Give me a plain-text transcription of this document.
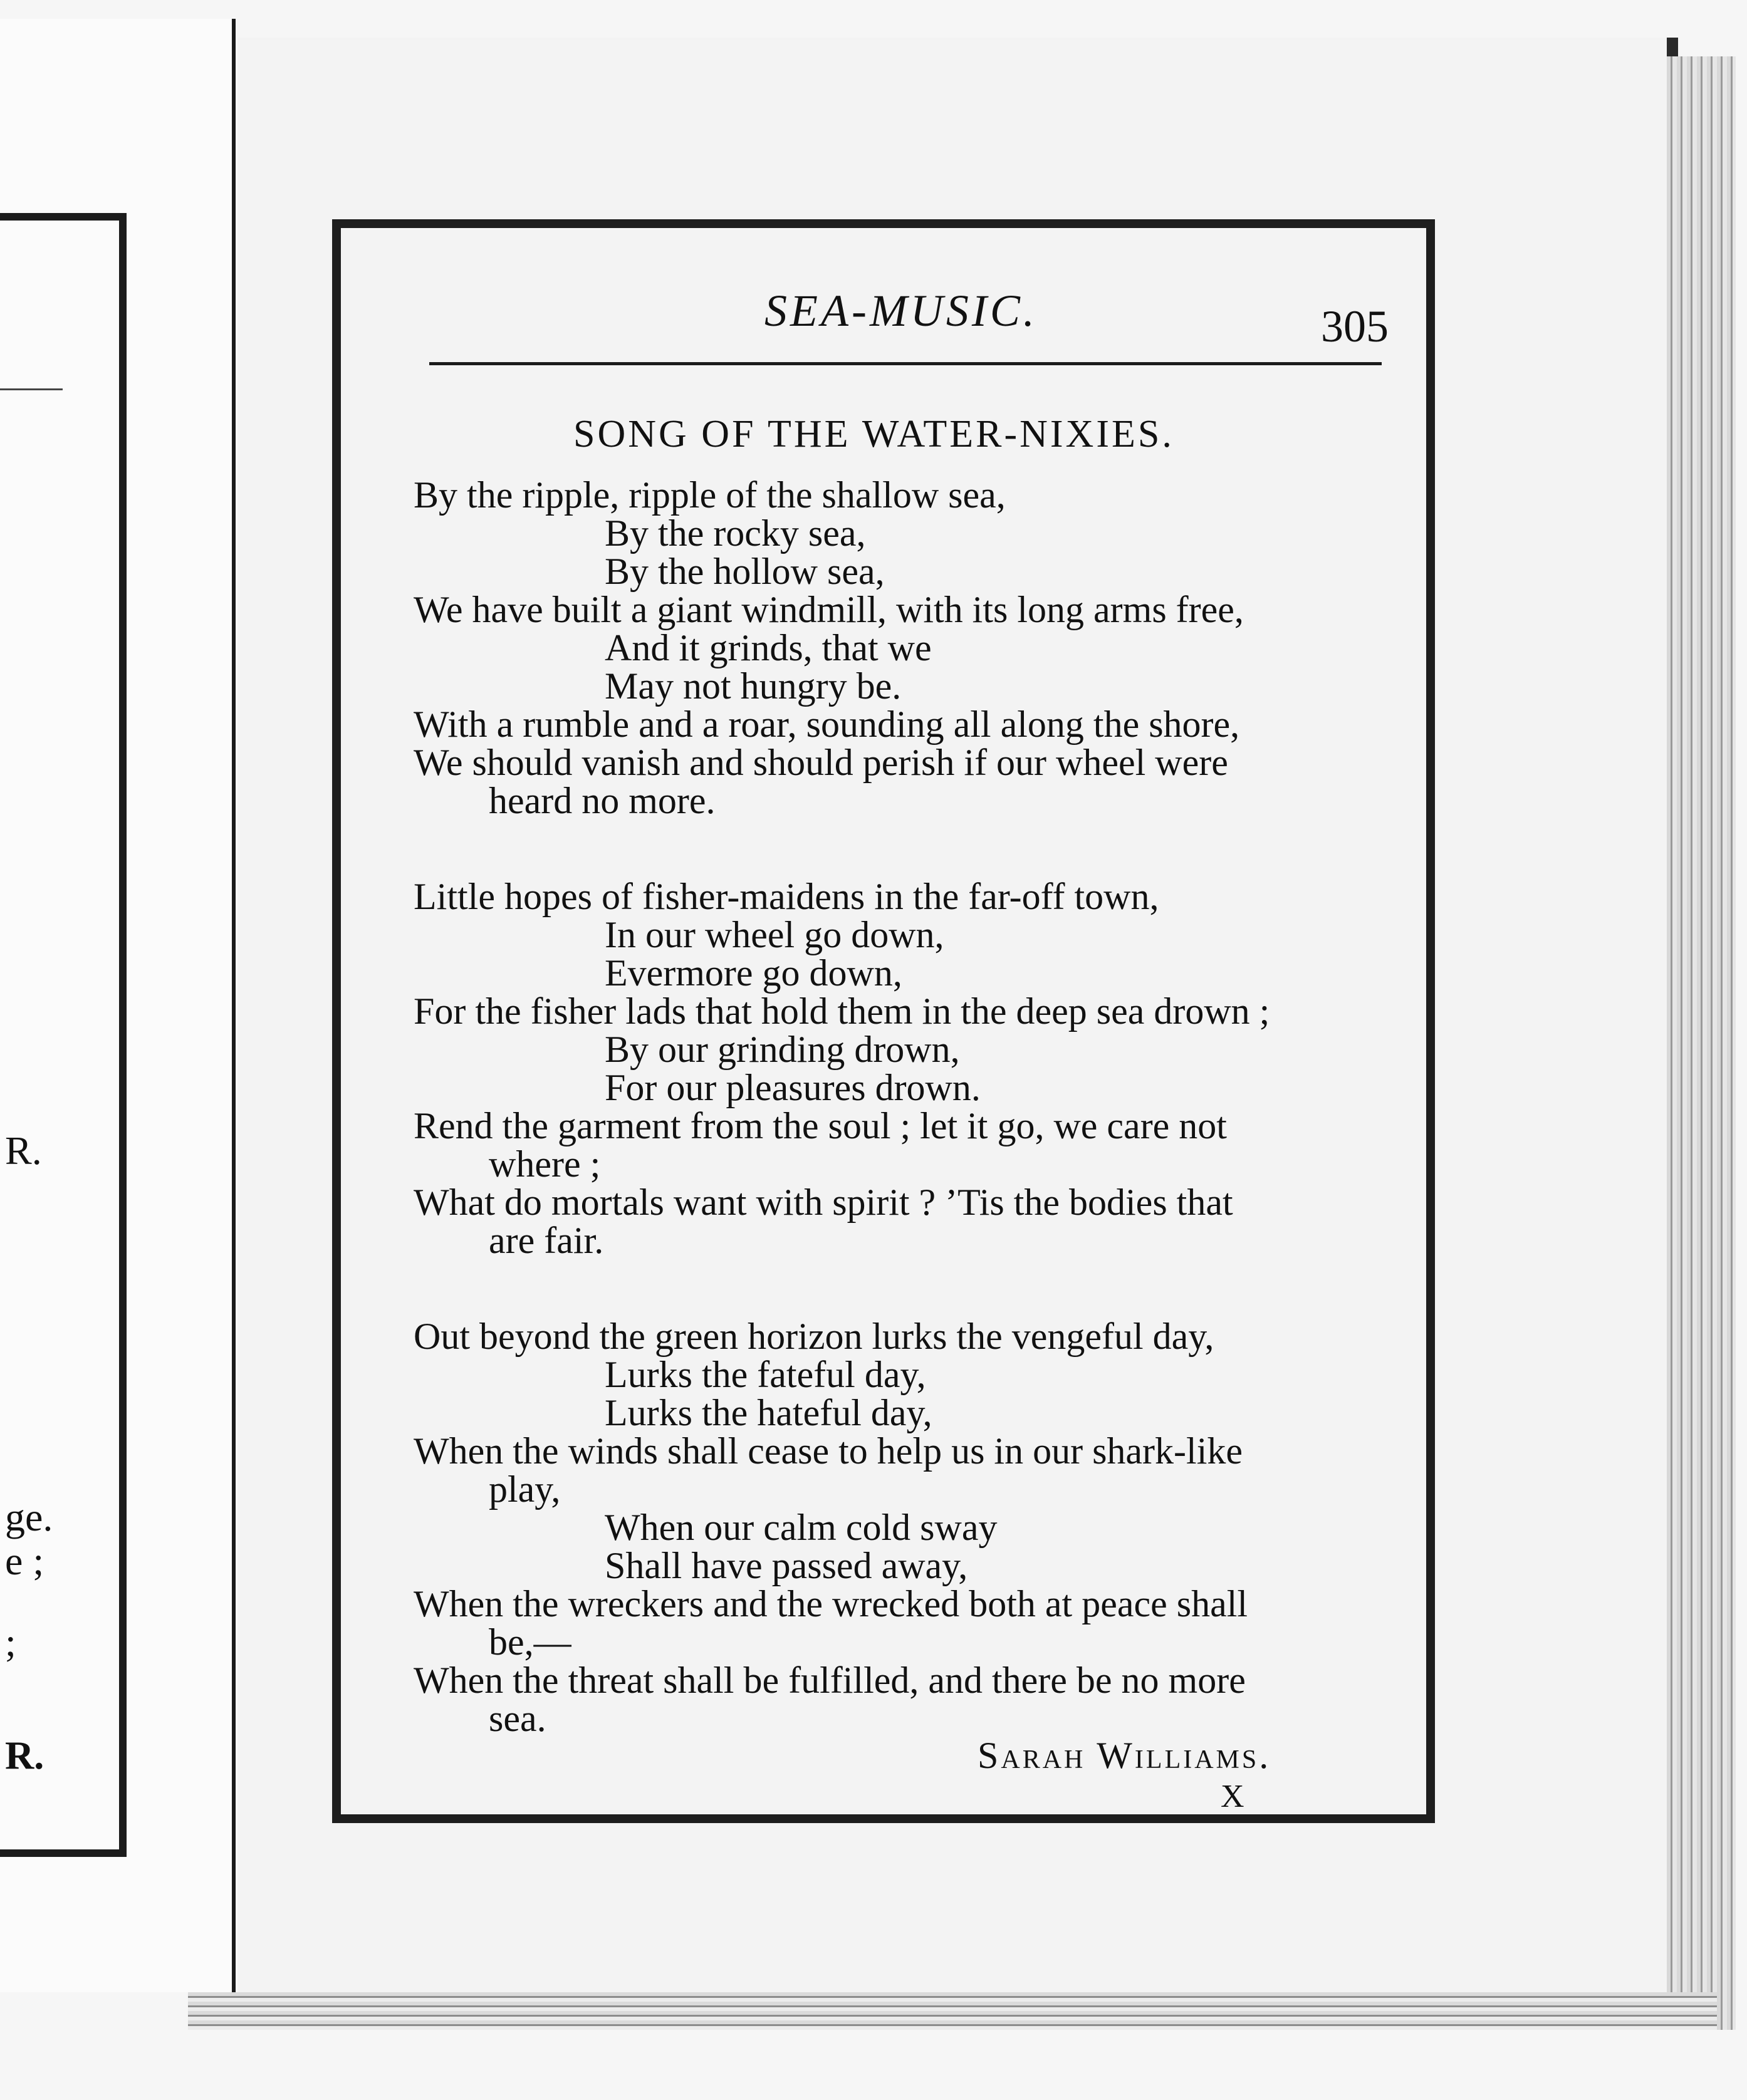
R.
ge.
e ;
;
R.
SEA-MUSIC.	305
SONG OF THE WATER-NIXIES.
By the ripple, ripple of the shallow sea,
By the rocky sea,
By the hollow sea,
We have built a giant windmill, with its long arms free,
And it grinds, that we
May not hungry be.
With a rumble and a roar, sounding all along the shore,
We should vanish and should perish if our wheel were
heard no more.
Little hopes of fisher-maidens in the far-off town,
In our wheel go down,
Evermore go down,
For the fisher lads that hold them in the deep sea drown ;
By our grinding drown,
For our pleasures drown.
Rend the garment from the soul ; let it go, we care not
where ;
What do mortals want with spirit ? ’Tis the bodies that
are fair.
Out beyond the green horizon lurks the vengeful day,
Lurks the fateful day,
Lurks the hateful day,
When the winds shall cease to help us in our shark-like
play,
When our calm cold sway
Shall have passed away,
When the wreckers and the wrecked both at peace shall
be,—
When the threat shall be fulfilled, and there be no more
sea.
Sarah Williams.
X
